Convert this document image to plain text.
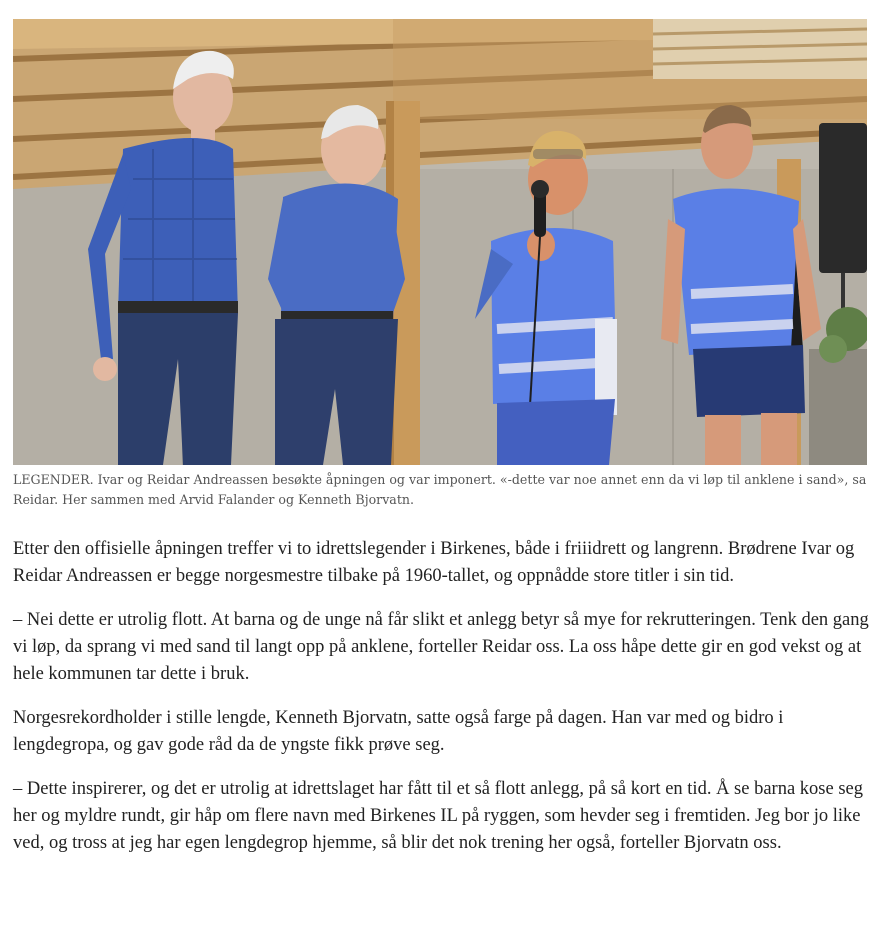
LEGENDER. Ivar og Reidar Andreassen besøkte åpningen og var imponert. «-dette var noe annet enn da vi løp til anklene i sand», sa Reidar. Her sammen med Arvid Falander og Kenneth Bjorvatn.

Etter den offisielle åpningen treffer vi to idrettslegender i Birkenes, både i friiidrett og langrenn. Brødrene Ivar og Reidar Andreassen er begge norgesmestre tilbake på 1960-tallet, og oppnådde store titler i sin tid.

– Nei dette er utrolig flott. At barna og de unge nå får slikt et anlegg betyr så mye for rekrutteringen. Tenk den gang vi løp, da sprang vi med sand til langt opp på anklene, forteller Reidar oss. La oss håpe dette gir en god vekst og at hele kommunen tar dette i bruk.

Norgesrekordholder i stille lengde, Kenneth Bjorvatn, satte også farge på dagen. Han var med og bidro i lengdegropa, og gav gode råd da de yngste fikk prøve seg.

– Dette inspirerer, og det er utrolig at idrettslaget har fått til et så flott anlegg, på så kort en tid. Å se barna kose seg her og myldre rundt, gir håp om flere navn med Birkenes IL på ryggen, som hevder seg i fremtiden. Jeg bor jo like ved, og tross at jeg har egen lengdegrop hjemme, så blir det nok trening her også, forteller Bjorvatn oss.
